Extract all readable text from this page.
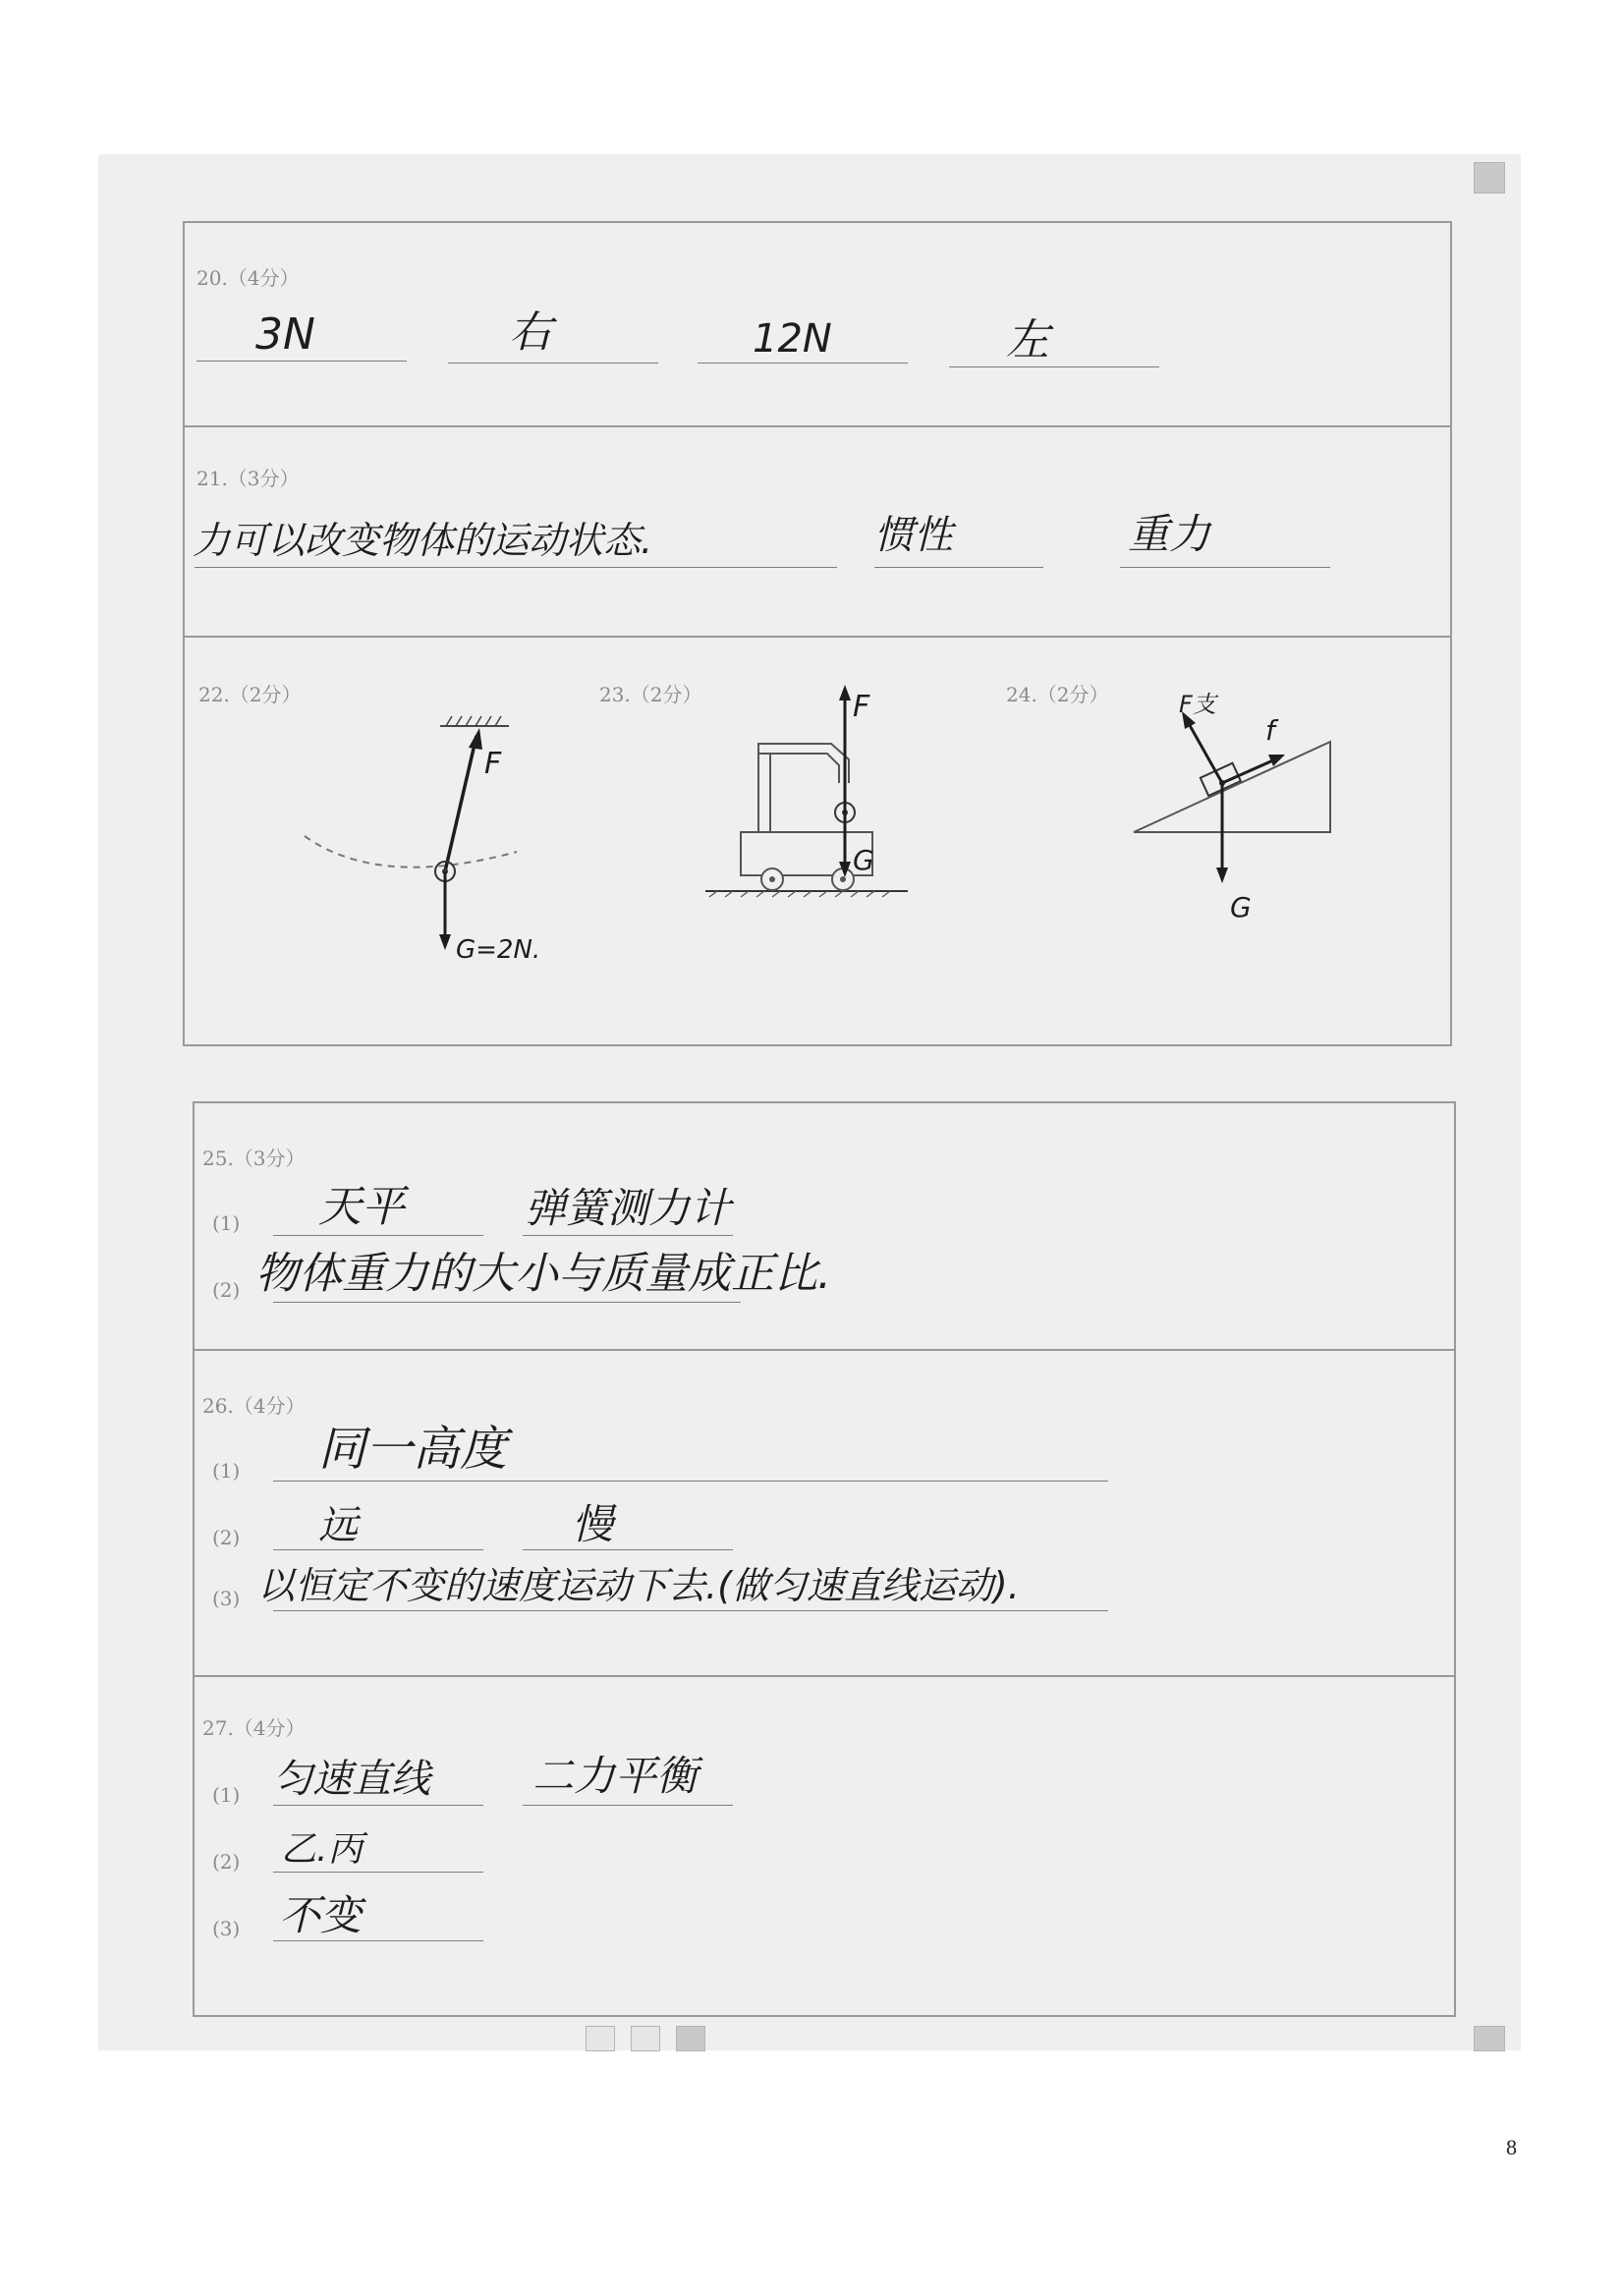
20.（4分）
3N	右	12N	左
21.（3分）
力可以改变物体的运动状态.	惯性	重力
22.（2分）
F
G=2N.
23.（2分）	F
G
24.（2分）	F支
f
G
25.（3分）
(1) 天平	弹簧测力计
(2) 物体重力的大小与质量成正比.
26.（4分）
(1) 同一高度
(2) 远	慢
(3) 以恒定不变的速度运动下去.(做匀速直线运动).
27.（4分）
(1) 匀速直线 二力平衡
(2) 乙.丙
(3) 不变
8
